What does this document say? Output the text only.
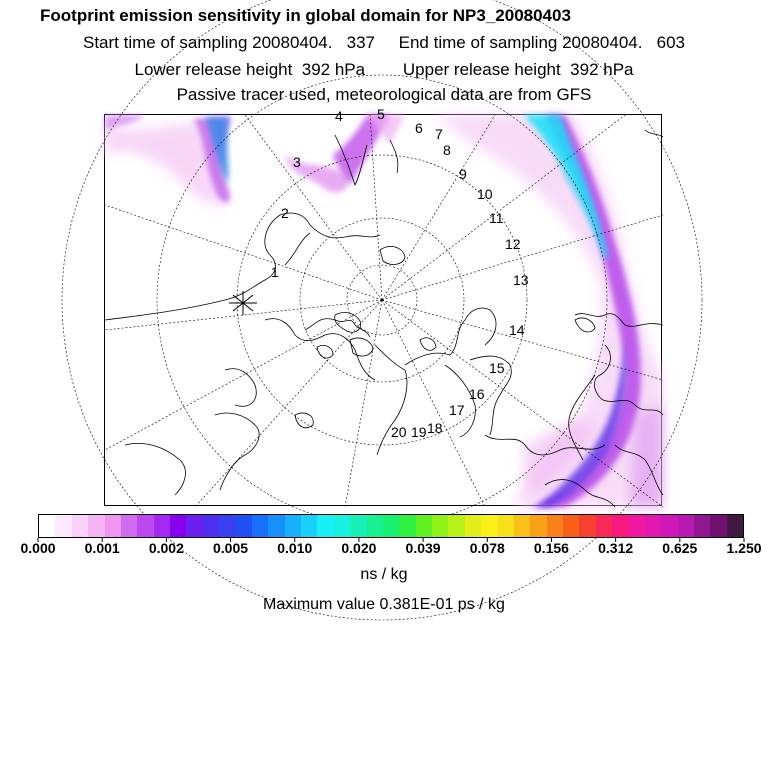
Footprint emission sensitivity in global domain for NP3_20080403
Start time of sampling 20080404.   337     End time of sampling 20080404.   603
Lower release height  392 hPa        Upper release height  392 hPa
Passive tracer used, meteorological data are from GFS
1
2
3
4 5
6 7
8
9
10
11
12
13
14
15
16
17
18
19
20
0.000 0.001 0.002 0.005 0.010 0.020 0.039 0.078 0.156 0.312 0.625 1.250
ns / kg
Maximum value 0.381E-01 ps / kg
